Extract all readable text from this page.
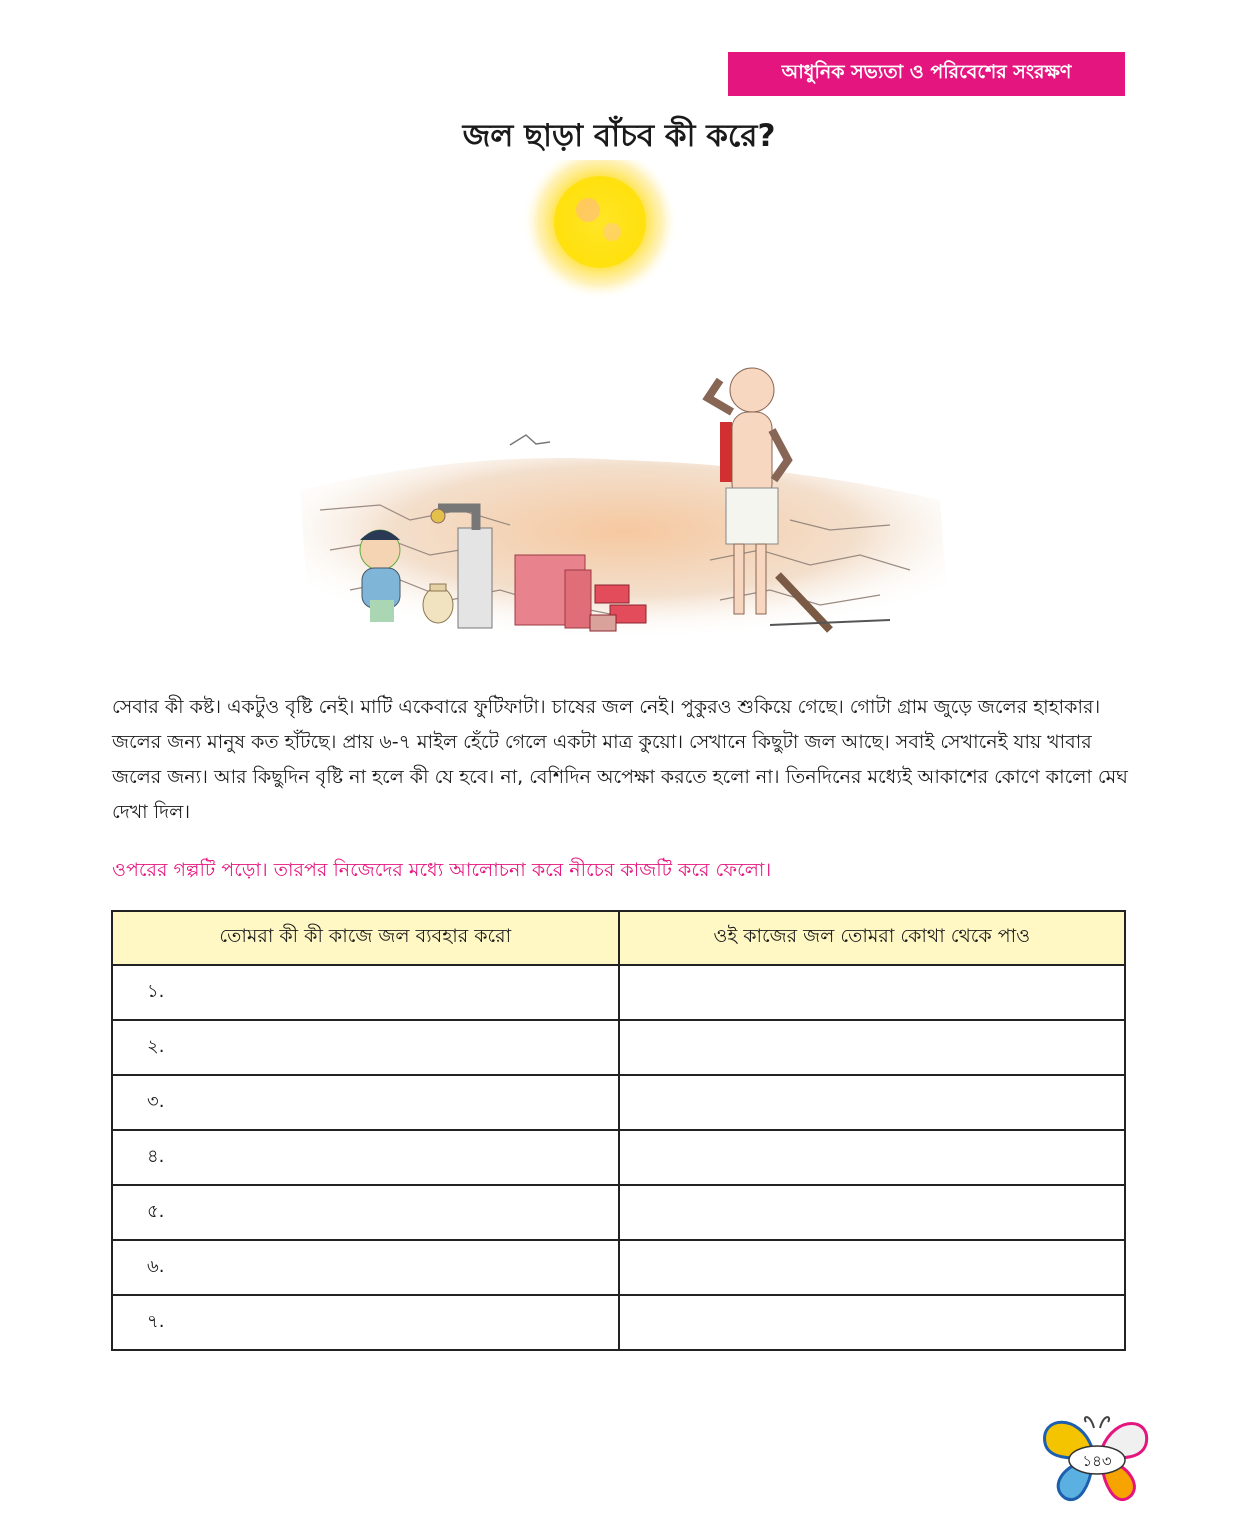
আধুনিক সভ্যতা ও পরিবেশের সংরক্ষণ
জল ছাড়া বাঁচব কী করে?

সেবার কী কষ্ট। একটুও বৃষ্টি নেই। মাটি একেবারে ফুটিফাটা। চাষের জল নেই। পুকুরও শুকিয়ে গেছে। গোটা গ্রাম জুড়ে জলের হাহাকার। জলের জন্য মানুষ কত হাঁটছে। প্রায় ৬-৭ মাইল হেঁটে গেলে একটা মাত্র কুয়ো। সেখানে কিছুটা জল আছে। সবাই সেখানেই যায় খাবার জলের জন্য। আর কিছুদিন বৃষ্টি না হলে কী যে হবে। না, বেশিদিন অপেক্ষা করতে হলো না। তিনদিনের মধ্যেই আকাশের কোণে কালো মেঘ দেখা দিল।

ওপরের গল্পটি পড়ো। তারপর নিজেদের মধ্যে আলোচনা করে নীচের কাজটি করে ফেলো।

তোমরা কী কী কাজে জল ব্যবহার করো	ওই কাজের জল তোমরা কোথা থেকে পাও
১.	
২.	
৩.	
৪.	
৫.	
৬.	
৭.	
১৪৩
